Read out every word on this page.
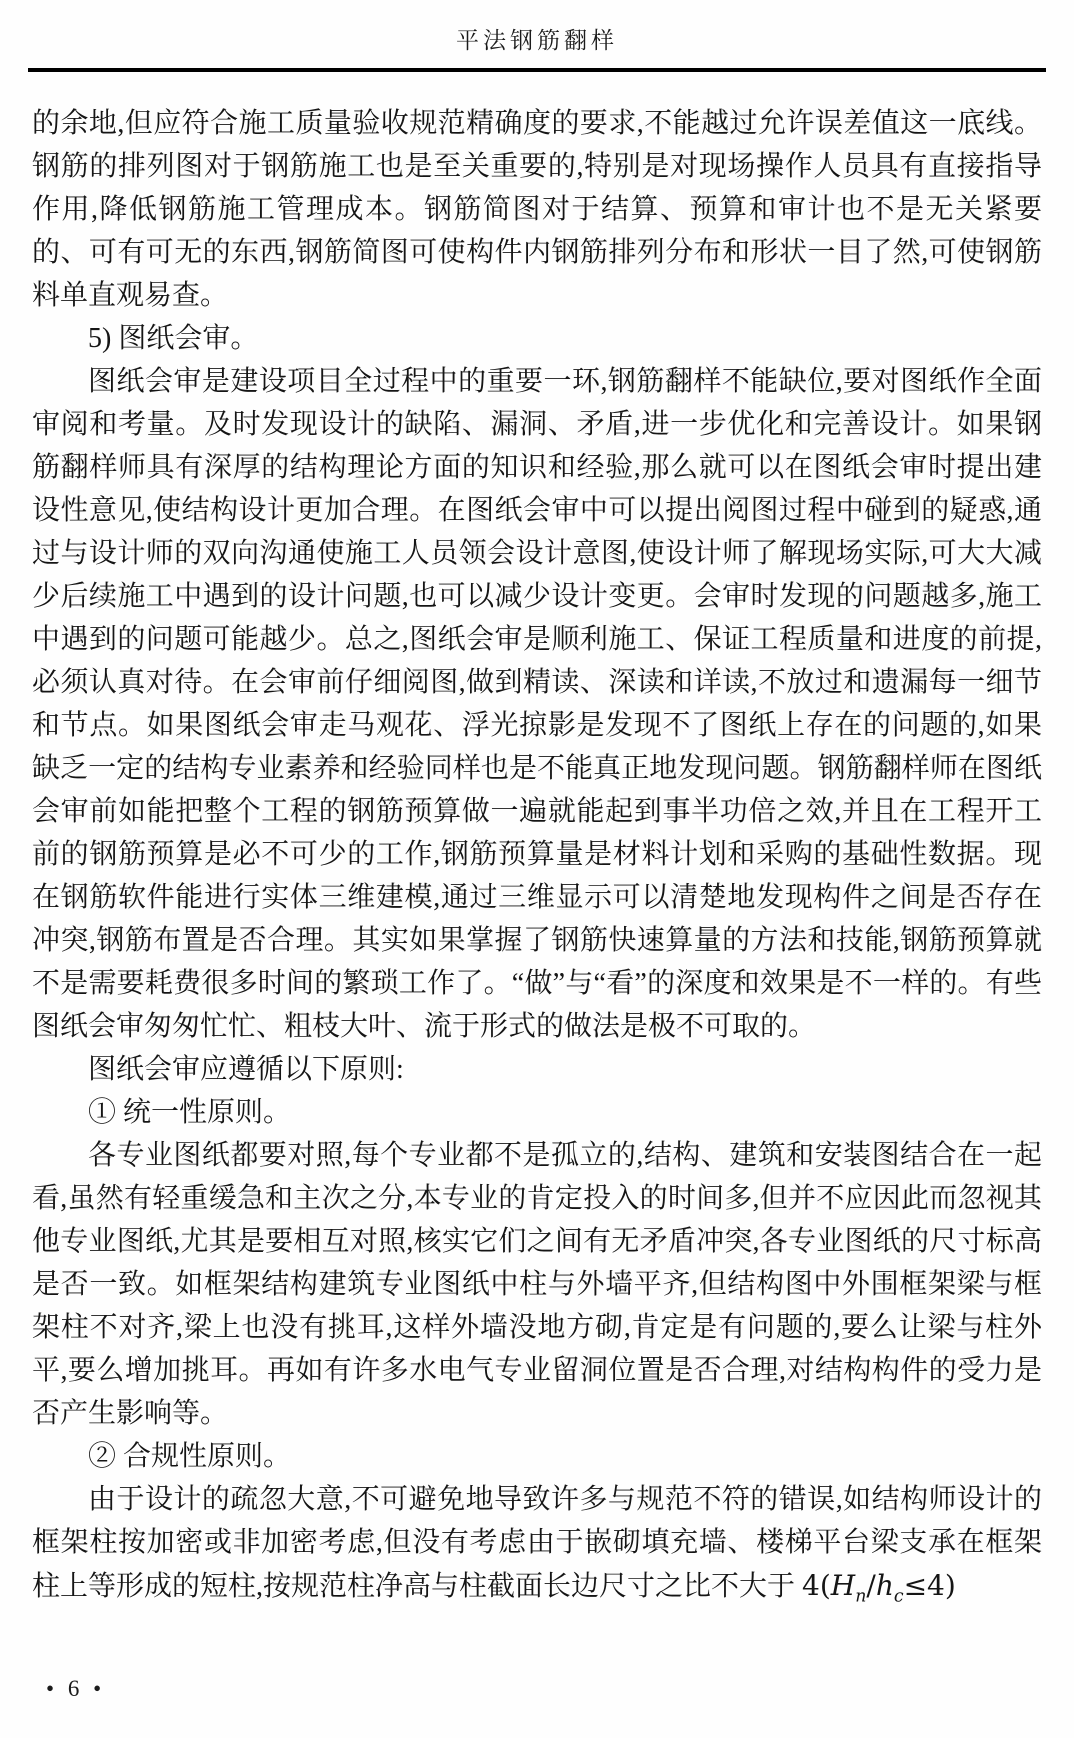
平法钢筋翻样

的余地,但应符合施工质量验收规范精确度的要求,不能越过允许误差值这一底线。钢筋的排列图对于钢筋施工也是至关重要的,特别是对现场操作人员具有直接指导作用,降低钢筋施工管理成本。钢筋简图对于结算、预算和审计也不是无关紧要的、可有可无的东西,钢筋简图可使构件内钢筋排列分布和形状一目了然,可使钢筋料单直观易查。

5) 图纸会审。

图纸会审是建设项目全过程中的重要一环,钢筋翻样不能缺位,要对图纸作全面审阅和考量。及时发现设计的缺陷、漏洞、矛盾,进一步优化和完善设计。如果钢筋翻样师具有深厚的结构理论方面的知识和经验,那么就可以在图纸会审时提出建设性意见,使结构设计更加合理。在图纸会审中可以提出阅图过程中碰到的疑惑,通过与设计师的双向沟通使施工人员领会设计意图,使设计师了解现场实际,可大大减少后续施工中遇到的设计问题,也可以减少设计变更。会审时发现的问题越多,施工中遇到的问题可能越少。总之,图纸会审是顺利施工、保证工程质量和进度的前提,必须认真对待。在会审前仔细阅图,做到精读、深读和详读,不放过和遗漏每一细节和节点。如果图纸会审走马观花、浮光掠影是发现不了图纸上存在的问题的,如果缺乏一定的结构专业素养和经验同样也是不能真正地发现问题。钢筋翻样师在图纸会审前如能把整个工程的钢筋预算做一遍就能起到事半功倍之效,并且在工程开工前的钢筋预算是必不可少的工作,钢筋预算量是材料计划和采购的基础性数据。现在钢筋软件能进行实体三维建模,通过三维显示可以清楚地发现构件之间是否存在冲突,钢筋布置是否合理。其实如果掌握了钢筋快速算量的方法和技能,钢筋预算就不是需要耗费很多时间的繁琐工作了。“做”与“看”的深度和效果是不一样的。有些图纸会审匆匆忙忙、粗枝大叶、流于形式的做法是极不可取的。

图纸会审应遵循以下原则:

① 统一性原则。

各专业图纸都要对照,每个专业都不是孤立的,结构、建筑和安装图结合在一起看,虽然有轻重缓急和主次之分,本专业的肯定投入的时间多,但并不应因此而忽视其他专业图纸,尤其是要相互对照,核实它们之间有无矛盾冲突,各专业图纸的尺寸标高是否一致。如框架结构建筑专业图纸中柱与外墙平齐,但结构图中外围框架梁与框架柱不对齐,梁上也没有挑耳,这样外墙没地方砌,肯定是有问题的,要么让梁与柱外平,要么增加挑耳。再如有许多水电气专业留洞位置是否合理,对结构构件的受力是否产生影响等。

② 合规性原则。

由于设计的疏忽大意,不可避免地导致许多与规范不符的错误,如结构师设计的框架柱按加密或非加密考虑,但没有考虑由于嵌砌填充墙、楼梯平台梁支承在框架柱上等形成的短柱,按规范柱净高与柱截面长边尺寸之比不大于 $4(H_n/h_c\le 4)$

• 6 •
